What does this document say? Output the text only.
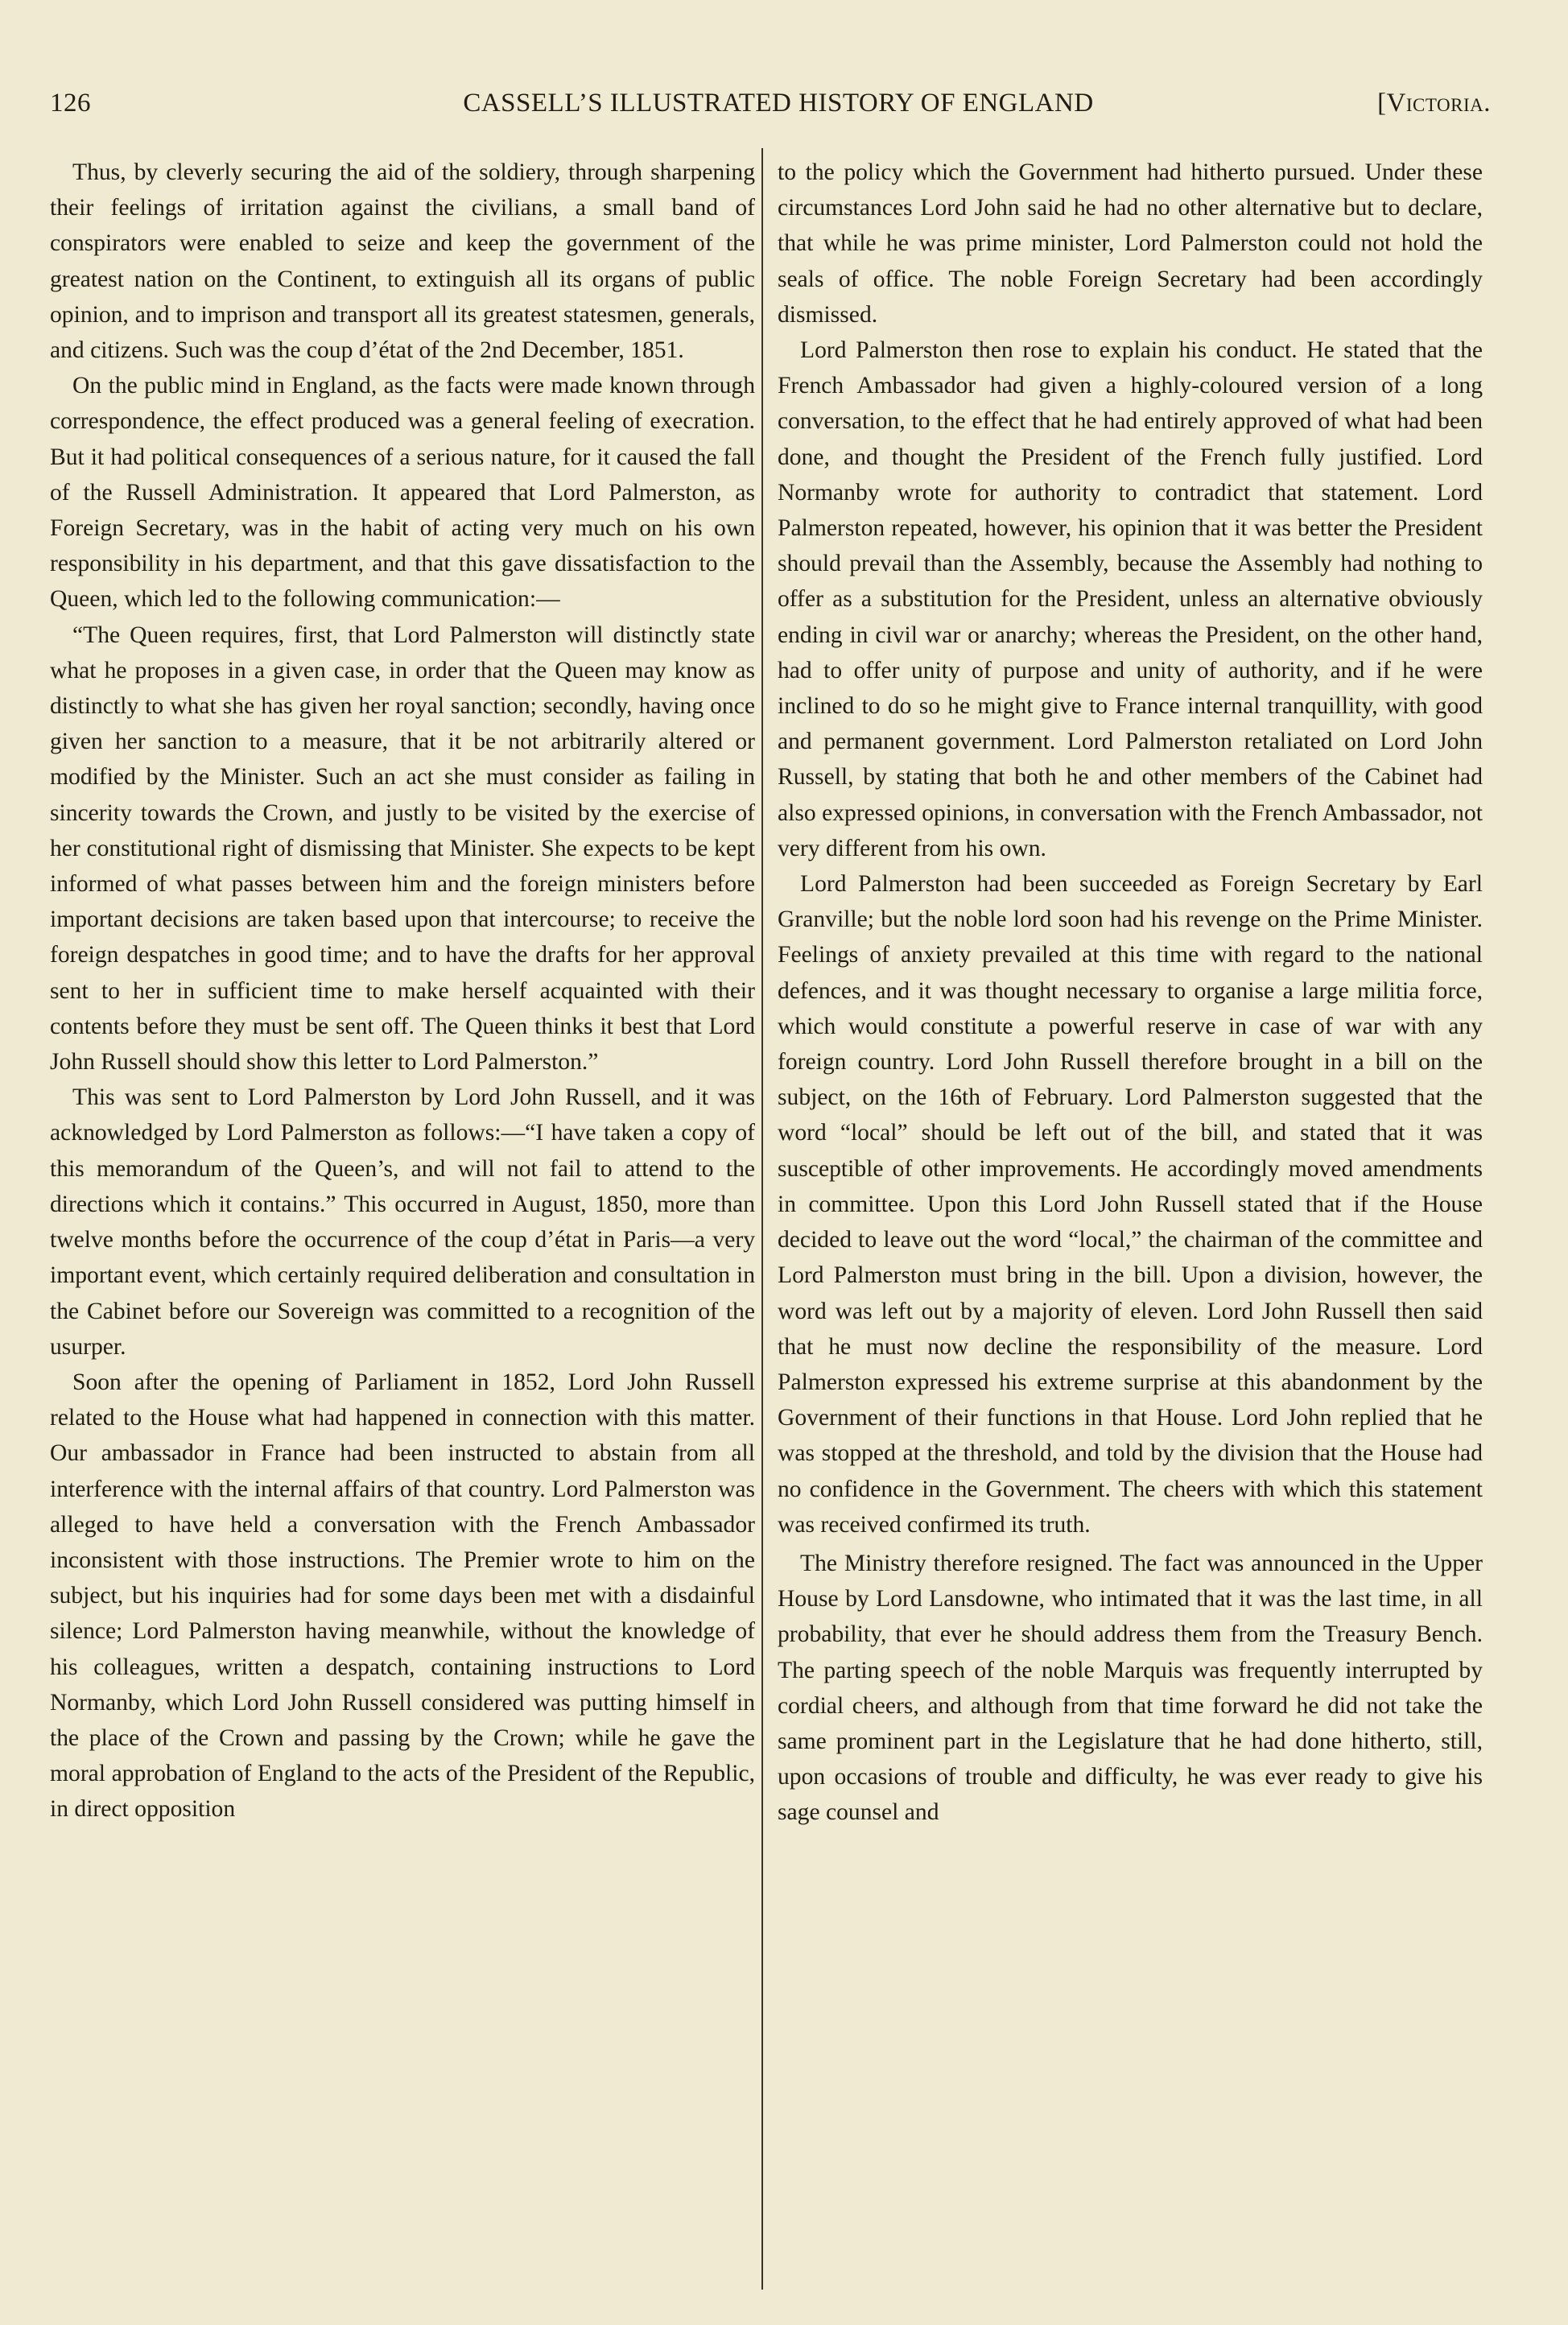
126	CASSELL’S ILLUSTRATED HISTORY OF ENGLAND	[Victoria.

Thus, by cleverly securing the aid of the soldiery, through sharpening their feelings of irritation against the civilians, a small band of conspirators were enabled to seize and keep the government of the greatest nation on the Continent, to extinguish all its organs of public opinion, and to imprison and transport all its greatest statesmen, generals, and citizens. Such was the coup d’état of the 2nd December, 1851.

On the public mind in England, as the facts were made known through correspondence, the effect produced was a general feeling of execration. But it had political consequences of a serious nature, for it caused the fall of the Russell Administration. It appeared that Lord Palmerston, as Foreign Secretary, was in the habit of acting very much on his own responsibility in his department, and that this gave dissatisfaction to the Queen, which led to the following communication:—

“The Queen requires, first, that Lord Palmerston will distinctly state what he proposes in a given case, in order that the Queen may know as distinctly to what she has given her royal sanction; secondly, having once given her sanction to a measure, that it be not arbitrarily altered or modified by the Minister. Such an act she must consider as failing in sincerity towards the Crown, and justly to be visited by the exercise of her constitutional right of dismissing that Minister. She expects to be kept informed of what passes between him and the foreign ministers before important decisions are taken based upon that intercourse; to receive the foreign despatches in good time; and to have the drafts for her approval sent to her in sufficient time to make herself acquainted with their contents before they must be sent off. The Queen thinks it best that Lord John Russell should show this letter to Lord Palmerston.”

This was sent to Lord Palmerston by Lord John Russell, and it was acknowledged by Lord Palmerston as follows:—“I have taken a copy of this memorandum of the Queen’s, and will not fail to attend to the directions which it contains.” This occurred in August, 1850, more than twelve months before the occurrence of the coup d’état in Paris—a very important event, which certainly required deliberation and consultation in the Cabinet before our Sovereign was committed to a recognition of the usurper.

Soon after the opening of Parliament in 1852, Lord John Russell related to the House what had happened in connection with this matter. Our ambassador in France had been instructed to abstain from all interference with the internal affairs of that country. Lord Palmerston was alleged to have held a conversation with the French Ambassador inconsistent with those instructions. The Premier wrote to him on the subject, but his inquiries had for some days been met with a disdainful silence; Lord Palmerston having meanwhile, without the knowledge of his colleagues, written a despatch, containing instructions to Lord Normanby, which Lord John Russell considered was putting himself in the place of the Crown and passing by the Crown; while he gave the moral approbation of England to the acts of the President of the Republic, in direct opposition

to the policy which the Government had hitherto pursued. Under these circumstances Lord John said he had no other alternative but to declare, that while he was prime minister, Lord Palmerston could not hold the seals of office. The noble Foreign Secretary had been accordingly dismissed.

Lord Palmerston then rose to explain his conduct. He stated that the French Ambassador had given a highly-coloured version of a long conversation, to the effect that he had entirely approved of what had been done, and thought the President of the French fully justified. Lord Normanby wrote for authority to contradict that statement. Lord Palmerston repeated, however, his opinion that it was better the President should prevail than the Assembly, because the Assembly had nothing to offer as a substitution for the President, unless an alternative obviously ending in civil war or anarchy; whereas the President, on the other hand, had to offer unity of purpose and unity of authority, and if he were inclined to do so he might give to France internal tranquillity, with good and permanent government. Lord Palmerston retaliated on Lord John Russell, by stating that both he and other members of the Cabinet had also expressed opinions, in conversation with the French Ambassador, not very different from his own.

Lord Palmerston had been succeeded as Foreign Secretary by Earl Granville; but the noble lord soon had his revenge on the Prime Minister. Feelings of anxiety prevailed at this time with regard to the national defences, and it was thought necessary to organise a large militia force, which would constitute a powerful reserve in case of war with any foreign country. Lord John Russell therefore brought in a bill on the subject, on the 16th of February. Lord Palmerston suggested that the word “local” should be left out of the bill, and stated that it was susceptible of other improvements. He accordingly moved amendments in committee. Upon this Lord John Russell stated that if the House decided to leave out the word “local,” the chairman of the committee and Lord Palmerston must bring in the bill. Upon a division, however, the word was left out by a majority of eleven. Lord John Russell then said that he must now decline the responsibility of the measure. Lord Palmerston expressed his extreme surprise at this abandonment by the Government of their functions in that House. Lord John replied that he was stopped at the threshold, and told by the division that the House had no confidence in the Government. The cheers with which this statement was received confirmed its truth.

The Ministry therefore resigned. The fact was announced in the Upper House by Lord Lansdowne, who intimated that it was the last time, in all probability, that ever he should address them from the Treasury Bench. The parting speech of the noble Marquis was frequently interrupted by cordial cheers, and although from that time forward he did not take the same prominent part in the Legislature that he had done hitherto, still, upon occasions of trouble and difficulty, he was ever ready to give his sage counsel and
